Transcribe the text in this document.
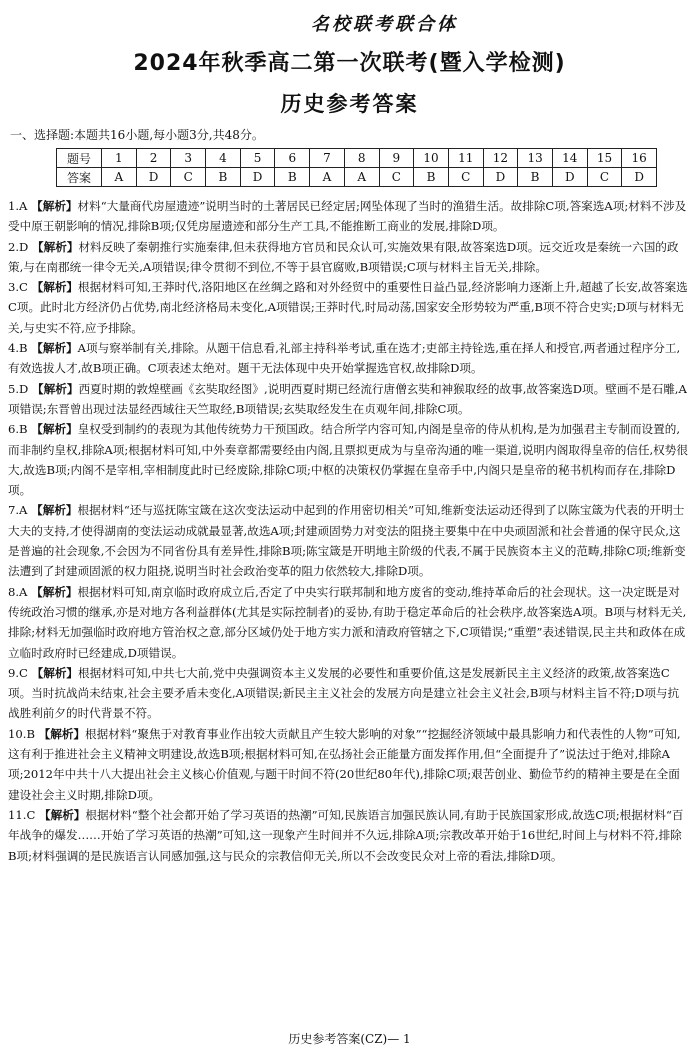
名校联考联合体
2024年秋季高二第一次联考(暨入学检测)
历史参考答案
一、选择题:本题共16小题,每小题3分,共48分。
题号	1	2	3	4	5	6	7	8	9	10	11	12	13	14	15	16
答案	A	D	C	B	D	B	A	A	C	B	C	D	B	D	C	D

1.A 【解析】材料“大量商代房屋遗迹”说明当时的土著居民已经定居;网坠体现了当时的渔猎生活。故排除C项,答案选A项;材料不涉及受中原王朝影响的情况,排除B项;仅凭房屋遗迹和部分生产工具,不能推断工商业的发展,排除D项。

2.D 【解析】材料反映了秦朝推行实施秦律,但未获得地方官员和民众认可,实施效果有限,故答案选D项。远交近攻是秦统一六国的政策,与在南郡统一律令无关,A项错误;律令贯彻不到位,不等于县官腐败,B项错误;C项与材料主旨无关,排除。

3.C 【解析】根据材料可知,王莽时代,洛阳地区在丝绸之路和对外经贸中的重要性日益凸显,经济影响力逐渐上升,超越了长安,故答案选C项。此时北方经济仍占优势,南北经济格局未变化,A项错误;王莽时代,时局动荡,国家安全形势较为严重,B项不符合史实;D项与材料无关,与史实不符,应予排除。

4.B 【解析】A项与察举制有关,排除。从题干信息看,礼部主持科举考试,重在选才;吏部主持铨选,重在择人和授官,两者通过程序分工,有效选拔人才,故B项正确。C项表述太绝对。题干无法体现中央开始掌握选官权,故排除D项。

5.D 【解析】西夏时期的敦煌壁画《玄奘取经图》,说明西夏时期已经流行唐僧玄奘和神猴取经的故事,故答案选D项。壁画不是石雕,A项错误;东晋曾出现过法显经西域往天竺取经,B项错误;玄奘取经发生在贞观年间,排除C项。

6.B 【解析】皇权受到制约的表现为其他传统势力干预国政。结合所学内容可知,内阁是皇帝的侍从机构,是为加强君主专制而设置的,而非制约皇权,排除A项;根据材料可知,中外奏章都需要经由内阁,且票拟更成为与皇帝沟通的唯一渠道,说明内阁取得皇帝的信任,权势很大,故选B项;内阁不是宰相,宰相制度此时已经废除,排除C项;中枢的决策权仍掌握在皇帝手中,内阁只是皇帝的秘书机构而存在,排除D项。

7.A 【解析】根据材料“还与巡抚陈宝箴在这次变法运动中起到的作用密切相关”可知,维新变法运动还得到了以陈宝箴为代表的开明士大夫的支持,才使得湖南的变法运动成就最显著,故选A项;封建顽固势力对变法的阻挠主要集中在中央顽固派和社会普通的保守民众,这是普遍的社会现象,不会因为不同省份具有差异性,排除B项;陈宝箴是开明地主阶级的代表,不属于民族资本主义的范畴,排除C项;维新变法遭到了封建顽固派的权力阻挠,说明当时社会政治变革的阻力依然较大,排除D项。

8.A 【解析】根据材料可知,南京临时政府成立后,否定了中央实行联邦制和地方废省的变动,维持革命后的社会现状。这一决定既是对传统政治习惯的继承,亦是对地方各利益群体(尤其是实际控制者)的妥协,有助于稳定革命后的社会秩序,故答案选A项。B项与材料无关,排除;材料无加强临时政府地方管治权之意,部分区域仍处于地方实力派和清政府管辖之下,C项错误;“重塑”表述错误,民主共和政体在成立临时政府时已经建成,D项错误。

9.C 【解析】根据材料可知,中共七大前,党中央强调资本主义发展的必要性和重要价值,这是发展新民主主义经济的政策,故答案选C项。当时抗战尚未结束,社会主要矛盾未变化,A项错误;新民主主义社会的发展方向是建立社会主义社会,B项与材料主旨不符;D项与抗战胜利前夕的时代背景不符。

10.B 【解析】根据材料“聚焦于对教育事业作出较大贡献且产生较大影响的对象”“挖掘经济领域中最具影响力和代表性的人物”可知,这有利于推进社会主义精神文明建设,故选B项;根据材料可知,在弘扬社会正能量方面发挥作用,但“全面提升了”说法过于绝对,排除A项;2012年中共十八大提出社会主义核心价值观,与题干时间不符(20世纪80年代),排除C项;艰苦创业、勤俭节约的精神主要是在全面建设社会主义时期,排除D项。

11.C 【解析】根据材料“整个社会都开始了学习英语的热潮”可知,民族语言加强民族认同,有助于民族国家形成,故选C项;根据材料“百年战争的爆发……开始了学习英语的热潮”可知,这一现象产生时间并不久远,排除A项;宗教改革开始于16世纪,时间上与材料不符,排除B项;材料强调的是民族语言认同感加强,这与民众的宗教信仰无关,所以不会改变民众对上帝的看法,排除D项。

历史参考答案(CZ)— 1
